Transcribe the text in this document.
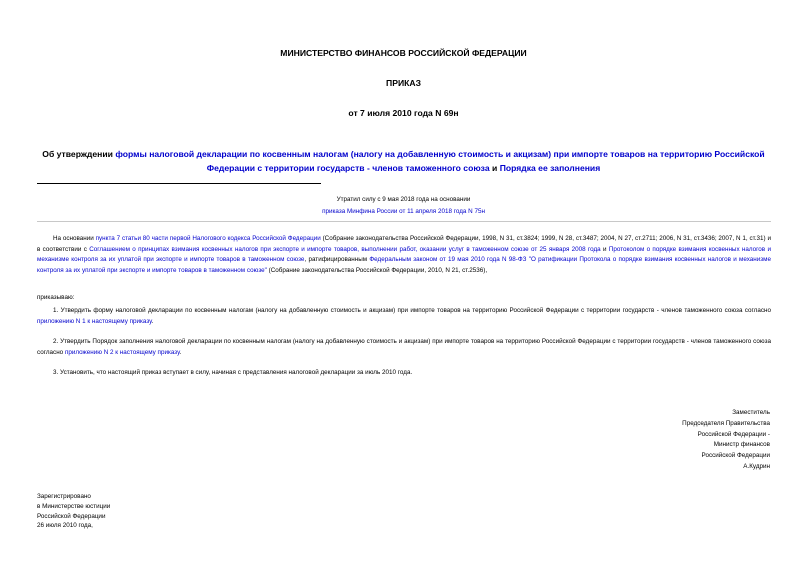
МИНИСТЕРСТВО ФИНАНСОВ РОССИЙСКОЙ ФЕДЕРАЦИИ
ПРИКАЗ
от 7 июля 2010 года N 69н
Об утверждении формы налоговой декларации по косвенным налогам (налогу на добавленную стоимость и акцизам) при импорте товаров на территорию Российской Федерации с территории государств - членов таможенного союза и Порядка ее заполнения
Утратил силу с 9 мая 2018 года на основании
приказа Минфина России от 11 апреля 2018 года N 75н
На основании пункта 7 статьи 80 части первой Налогового кодекса Российской Федерации (Собрание законодательства Российской Федерации, 1998, N 31, ст.3824; 1999, N 28, ст.3487; 2004, N 27, ст.2711; 2006, N 31, ст.3436; 2007, N 1, ст.31) и в соответствии с Соглашением о принципах взимания косвенных налогов при экспорте и импорте товаров, выполнении работ, оказании услуг в таможенном союзе от 25 января 2008 года и Протоколом о порядке взимания косвенных налогов и механизме контроля за их уплатой при экспорте и импорте товаров в таможенном союзе, ратифицированным Федеральным законом от 19 мая 2010 года N 98-ФЗ "О ратификации Протокола о порядке взимания косвенных налогов и механизме контроля за их уплатой при экспорте и импорте товаров в таможенном союзе" (Собрание законодательства Российской Федерации, 2010, N 21, ст.2536),
приказываю:
1. Утвердить форму налоговой декларации по косвенным налогам (налогу на добавленную стоимость и акцизам) при импорте товаров на территорию Российской Федерации с территории государств - членов таможенного союза согласно приложению N 1 к настоящему приказу.
2. Утвердить Порядок заполнения налоговой декларации по косвенным налогам (налогу на добавленную стоимость и акцизам) при импорте товаров на территорию Российской Федерации с территории государств - членов таможенного союза согласно приложению N 2 к настоящему приказу.
3. Установить, что настоящий приказ вступает в силу, начиная с представления налоговой декларации за июль 2010 года.
Заместитель
Председателя Правительства
Российской Федерации -
Министр финансов
Российской Федерации
А.Кудрин
Зарегистрировано
в Министерстве юстиции
Российской Федерации
26 июля 2010 года,
